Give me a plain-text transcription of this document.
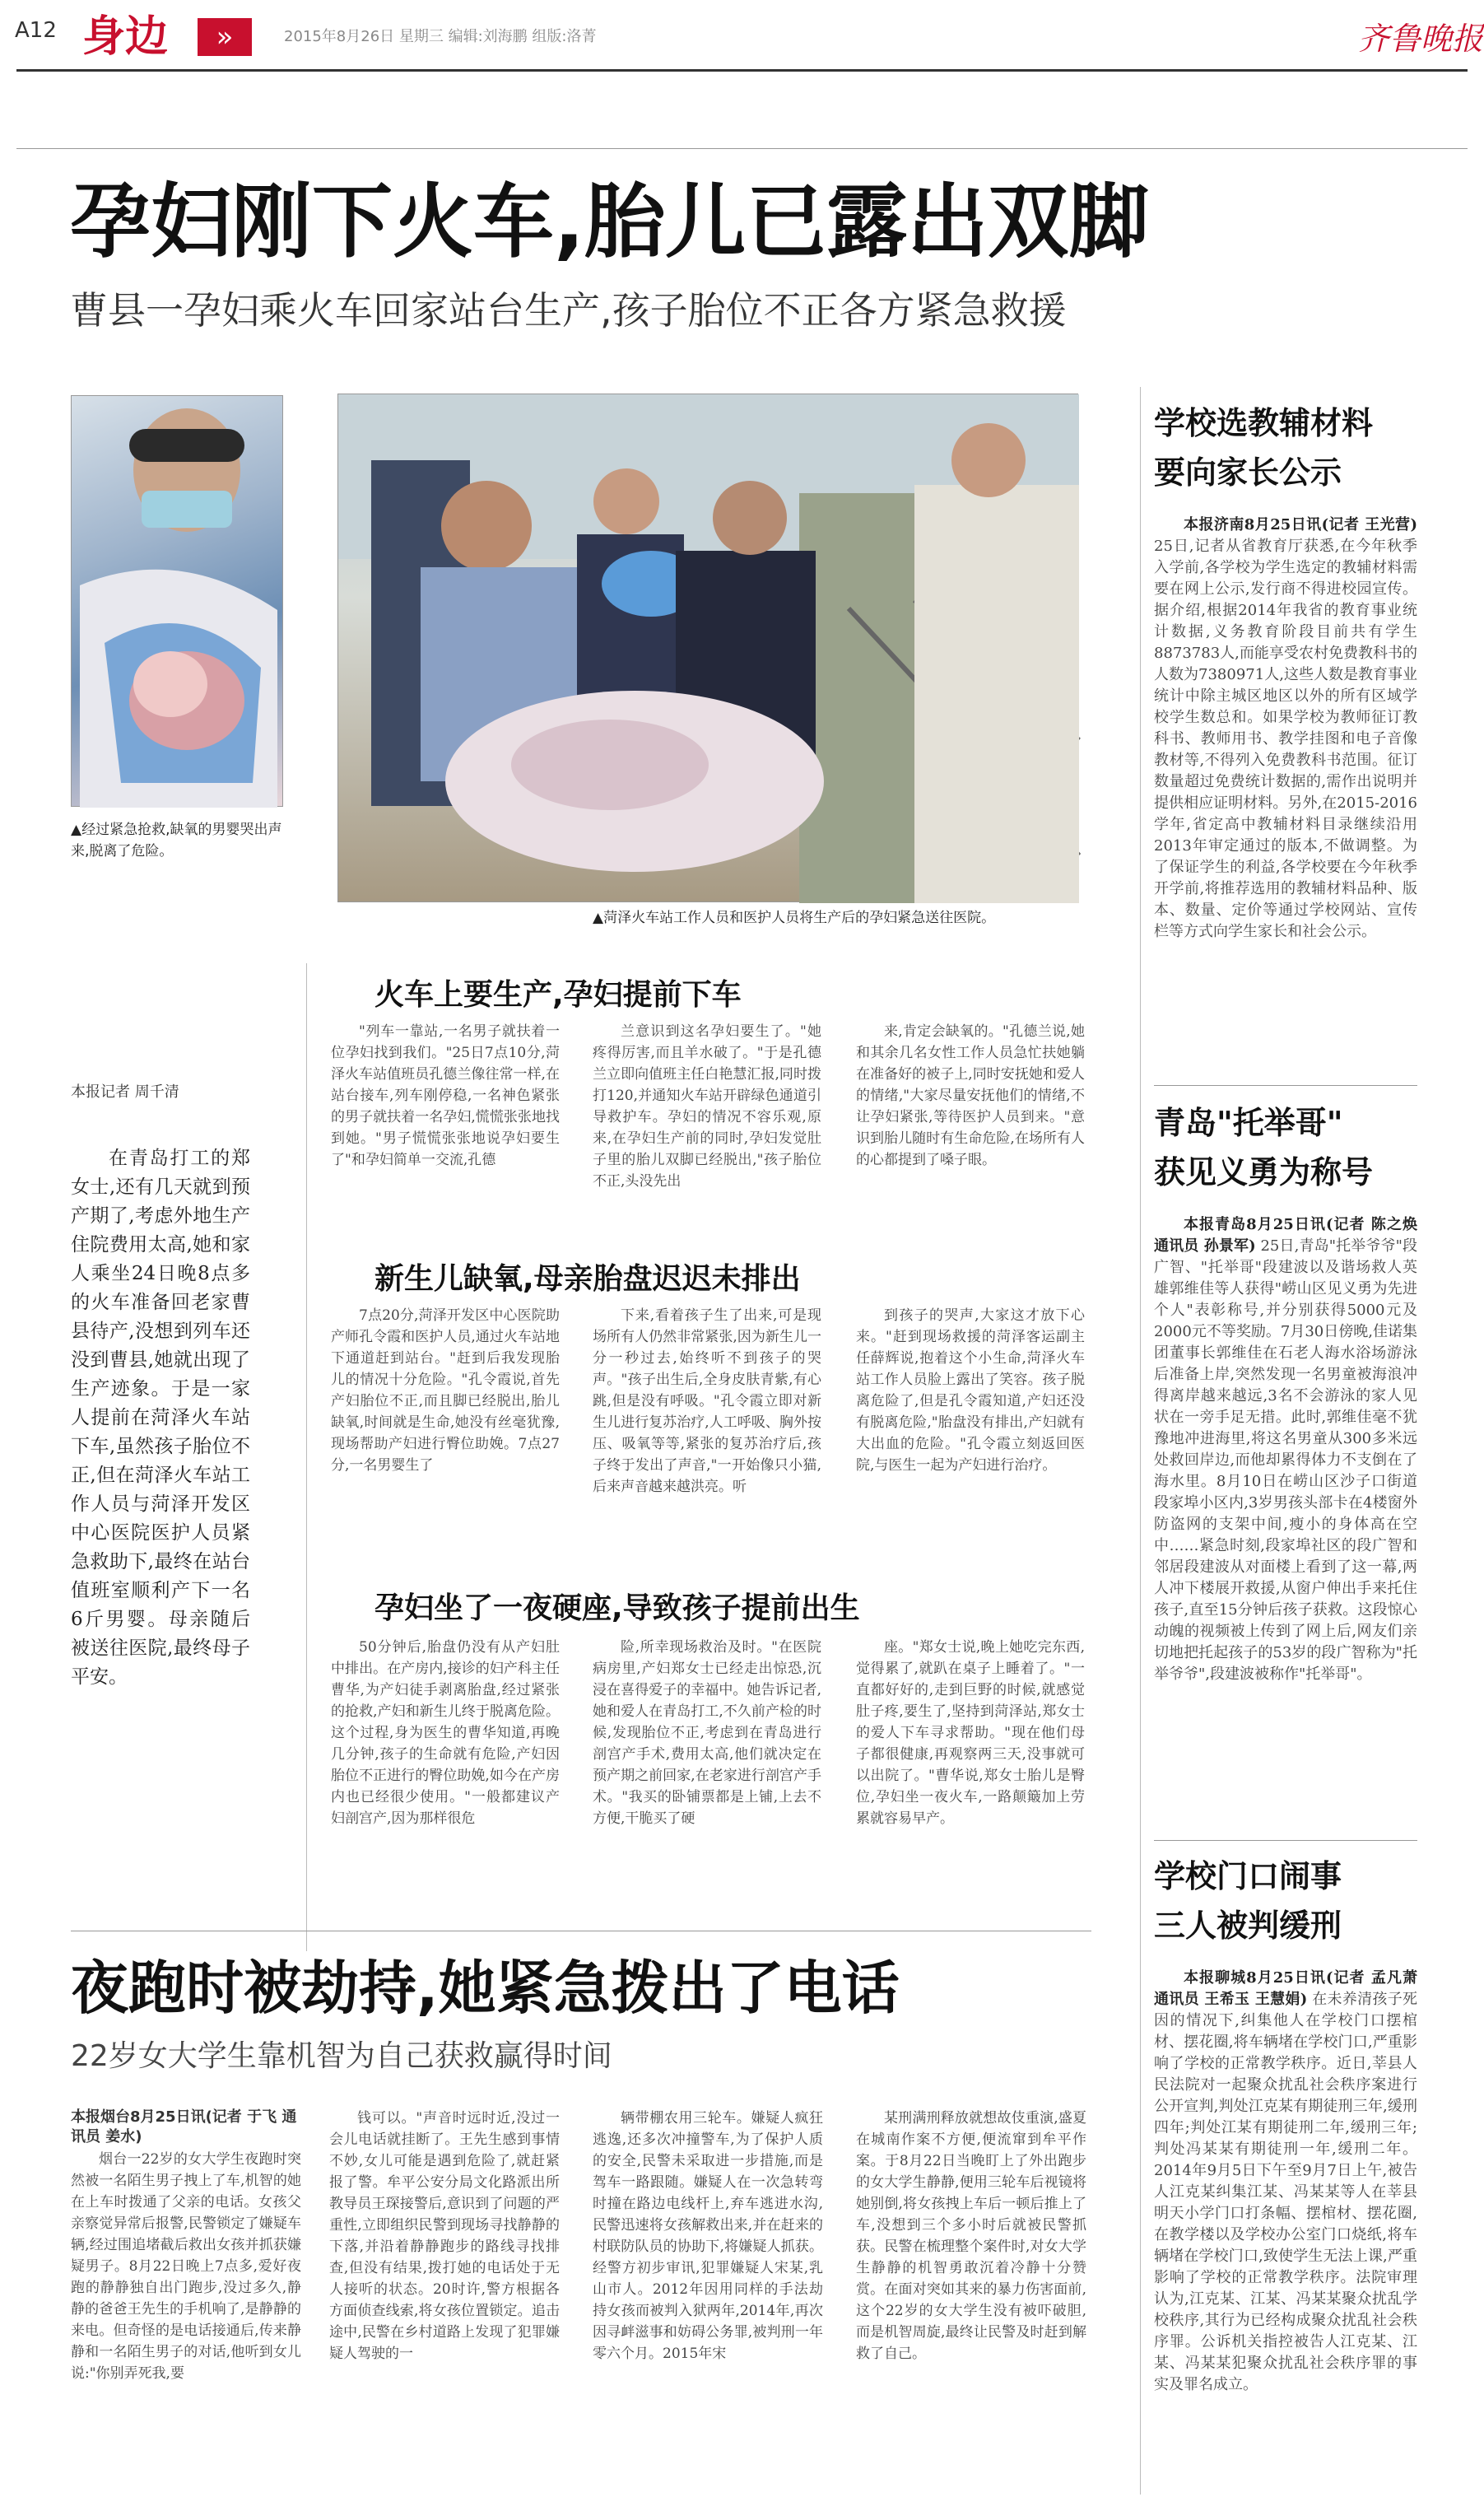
A12 身边	»	2015年8月26日 星期三 编辑:刘海鹏 组版:洛菁	齐鲁晚报
孕妇刚下火车,胎儿已露出双脚
曹县一孕妇乘火车回家站台生产,孩子胎位不正各方紧急救援
▲经过紧急抢救,缺氧的男婴哭出声来,脱离了危险。
▲菏泽火车站工作人员和医护人员将生产后的孕妇紧急送往医院。
本报记者 周千清

在青岛打工的郑女士,还有几天就到预产期了,考虑外地生产住院费用太高,她和家人乘坐24日晚8点多的火车准备回老家曹县待产,没想到列车还没到曹县,她就出现了生产迹象。于是一家人提前在菏泽火车站下车,虽然孩子胎位不正,但在菏泽火车站工作人员与菏泽开发区中心医院医护人员紧急救助下,最终在站台值班室顺利产下一名6斤男婴。母亲随后被送往医院,最终母子平安。

火车上要生产,孕妇提前下车

"列车一靠站,一名男子就扶着一位孕妇找到我们。"25日7点10分,菏泽火车站值班员孔德兰像往常一样,在站台接车,列车刚停稳,一名神色紧张的男子就扶着一名孕妇,慌慌张张地找到她。"男子慌慌张张地说孕妇要生了"和孕妇简单一交流,孔德

兰意识到这名孕妇要生了。"她疼得厉害,而且羊水破了。"于是孔德兰立即向值班主任白艳慧汇报,同时拨打120,并通知火车站开辟绿色通道引导救护车。孕妇的情况不容乐观,原来,在孕妇生产前的同时,孕妇发觉肚子里的胎儿双脚已经脱出,"孩子胎位不正,头没先出

来,肯定会缺氧的。"孔德兰说,她和其余几名女性工作人员急忙扶她躺在准备好的被子上,同时安抚她和爱人的情绪,"大家尽量安抚他们的情绪,不让孕妇紧张,等待医护人员到来。"意识到胎儿随时有生命危险,在场所有人的心都提到了嗓子眼。

新生儿缺氧,母亲胎盘迟迟未排出

7点20分,菏泽开发区中心医院助产师孔令霞和医护人员,通过火车站地下通道赶到站台。"赶到后我发现胎儿的情况十分危险。"孔令霞说,首先产妇胎位不正,而且脚已经脱出,胎儿缺氧,时间就是生命,她没有丝毫犹豫,现场帮助产妇进行臀位助娩。7点27分,一名男婴生了

下来,看着孩子生了出来,可是现场所有人仍然非常紧张,因为新生儿一分一秒过去,始终听不到孩子的哭声。"孩子出生后,全身皮肤青紫,有心跳,但是没有呼吸。"孔令霞立即对新生儿进行复苏治疗,人工呼吸、胸外按压、吸氧等等,紧张的复苏治疗后,孩子终于发出了声音,"一开始像只小猫,后来声音越来越洪亮。听

到孩子的哭声,大家这才放下心来。"赶到现场救援的菏泽客运副主任薛辉说,抱着这个小生命,菏泽火车站工作人员脸上露出了笑容。孩子脱离危险了,但是孔令霞知道,产妇还没有脱离危险,"胎盘没有排出,产妇就有大出血的危险。"孔令霞立刻返回医院,与医生一起为产妇进行治疗。

孕妇坐了一夜硬座,导致孩子提前出生

50分钟后,胎盘仍没有从产妇肚中排出。在产房内,接诊的妇产科主任曹华,为产妇徒手剥离胎盘,经过紧张的抢救,产妇和新生儿终于脱离危险。这个过程,身为医生的曹华知道,再晚几分钟,孩子的生命就有危险,产妇因胎位不正进行的臀位助娩,如今在产房内也已经很少使用。"一般都建议产妇剖宫产,因为那样很危

险,所幸现场救治及时。"在医院病房里,产妇郑女士已经走出惊恐,沉浸在喜得爱子的幸福中。她告诉记者,她和爱人在青岛打工,不久前产检的时候,发现胎位不正,考虑到在青岛进行剖宫产手术,费用太高,他们就决定在预产期之前回家,在老家进行剖宫产手术。"我买的卧铺票都是上铺,上去不方便,干脆买了硬

座。"郑女士说,晚上她吃完东西,觉得累了,就趴在桌子上睡着了。"一直都好好的,走到巨野的时候,就感觉肚子疼,要生了,坚持到菏泽站,郑女士的爱人下车寻求帮助。"现在他们母子都很健康,再观察两三天,没事就可以出院了。"曹华说,郑女士胎儿是臀位,孕妇坐一夜火车,一路颠簸加上劳累就容易早产。

夜跑时被劫持,她紧急拨出了电话
22岁女大学生靠机智为自己获救赢得时间
本报烟台8月25日讯(记者 于飞 通讯员 姜水)

烟台一22岁的女大学生夜跑时突然被一名陌生男子拽上了车,机智的她在上车时拨通了父亲的电话。女孩父亲察觉异常后报警,民警锁定了嫌疑车辆,经过围追堵截后救出女孩并抓获嫌疑男子。8月22日晚上7点多,爱好夜跑的静静独自出门跑步,没过多久,静静的爸爸王先生的手机响了,是静静的来电。但奇怪的是电话接通后,传来静静和一名陌生男子的对话,他听到女儿说:"你别弄死我,要

钱可以。"声音时远时近,没过一会儿电话就挂断了。王先生感到事情不妙,女儿可能是遇到危险了,就赶紧报了警。牟平公安分局文化路派出所教导员王琛接警后,意识到了问题的严重性,立即组织民警到现场寻找静静的下落,并沿着静静跑步的路线寻找排查,但没有结果,拨打她的电话处于无人接听的状态。20时许,警方根据各方面侦查线索,将女孩位置锁定。追击途中,民警在乡村道路上发现了犯罪嫌疑人驾驶的一

辆带棚农用三轮车。嫌疑人疯狂逃逸,还多次冲撞警车,为了保护人质的安全,民警未采取进一步措施,而是驾车一路跟随。嫌疑人在一次急转弯时撞在路边电线杆上,弃车逃进水沟,民警迅速将女孩解救出来,并在赶来的村联防队员的协助下,将嫌疑人抓获。经警方初步审讯,犯罪嫌疑人宋某,乳山市人。2012年因用同样的手法劫持女孩而被判入狱两年,2014年,再次因寻衅滋事和妨碍公务罪,被判刑一年零六个月。2015年宋

某刑满刑释放就想故伎重演,盛夏在城南作案不方便,便流窜到牟平作案。于8月22日当晚盯上了外出跑步的女大学生静静,便用三轮车后视镜将她别倒,将女孩拽上车后一顿后推上了车,没想到三个多小时后就被民警抓获。民警在梳理整个案件时,对女大学生静静的机智勇敢沉着冷静十分赞赏。在面对突如其来的暴力伤害面前,这个22岁的女大学生没有被吓破胆,而是机智周旋,最终让民警及时赶到解救了自己。

学校选教辅材料
要向家长公示

本报济南8月25日讯(记者 王光营) 25日,记者从省教育厅获悉,在今年秋季入学前,各学校为学生选定的教辅材料需要在网上公示,发行商不得进校园宣传。据介绍,根据2014年我省的教育事业统计数据,义务教育阶段目前共有学生8873783人,而能享受农村免费教科书的人数为7380971人,这些人数是教育事业统计中除主城区地区以外的所有区域学校学生数总和。如果学校为教师征订教科书、教师用书、教学挂图和电子音像教材等,不得列入免费教科书范围。征订数量超过免费统计数据的,需作出说明并提供相应证明材料。另外,在2015-2016学年,省定高中教辅材料目录继续沿用2013年审定通过的版本,不做调整。为了保证学生的利益,各学校要在今年秋季开学前,将推荐选用的教辅材料品种、版本、数量、定价等通过学校网站、宣传栏等方式向学生家长和社会公示。

青岛"托举哥"
获见义勇为称号

本报青岛8月25日讯(记者 陈之焕 通讯员 孙景军) 25日,青岛"托举爷爷"段广智、"托举哥"段建波以及谐场救人英雄郭维佳等人获得"崂山区见义勇为先进个人"表彰称号,并分别获得5000元及2000元不等奖励。7月30日傍晚,佳诺集团董事长郭维佳在石老人海水浴场游泳后准备上岸,突然发现一名男童被海浪冲得离岸越来越远,3名不会游泳的家人见状在一旁手足无措。此时,郭维佳毫不犹豫地冲进海里,将这名男童从300多米远处救回岸边,而他却累得体力不支倒在了海水里。8月10日在崂山区沙子口街道段家埠小区内,3岁男孩头部卡在4楼窗外防盗网的支架中间,瘦小的身体高在空中……紧急时刻,段家埠社区的段广智和邻居段建波从对面楼上看到了这一幕,两人冲下楼展开救援,从窗户伸出手来托住孩子,直至15分钟后孩子获救。这段惊心动魄的视频被上传到了网上后,网友们亲切地把托起孩子的53岁的段广智称为"托举爷爷",段建波被称作"托举哥"。

学校门口闹事
三人被判缓刑

本报聊城8月25日讯(记者 孟凡萧 通讯员 王希玉 王慧娟) 在未养清孩子死因的情况下,纠集他人在学校门口摆棺材、摆花圈,将车辆堵在学校门口,严重影响了学校的正常教学秩序。近日,莘县人民法院对一起聚众扰乱社会秩序案进行公开宣判,判处江克某有期徒刑三年,缓刑四年;判处江某有期徒刑二年,缓刑三年;判处冯某某有期徒刑一年,缓刑二年。2014年9月5日下午至9月7日上午,被告人江克某纠集江某、冯某某等人在莘县明天小学门口打条幅、摆棺材、摆花圈,在教学楼以及学校办公室门口烧纸,将车辆堵在学校门口,致使学生无法上课,严重影响了学校的正常教学秩序。法院审理认为,江克某、江某、冯某某聚众扰乱学校秩序,其行为已经构成聚众扰乱社会秩序罪。公诉机关指控被告人江克某、江某、冯某某犯聚众扰乱社会秩序罪的事实及罪名成立。
